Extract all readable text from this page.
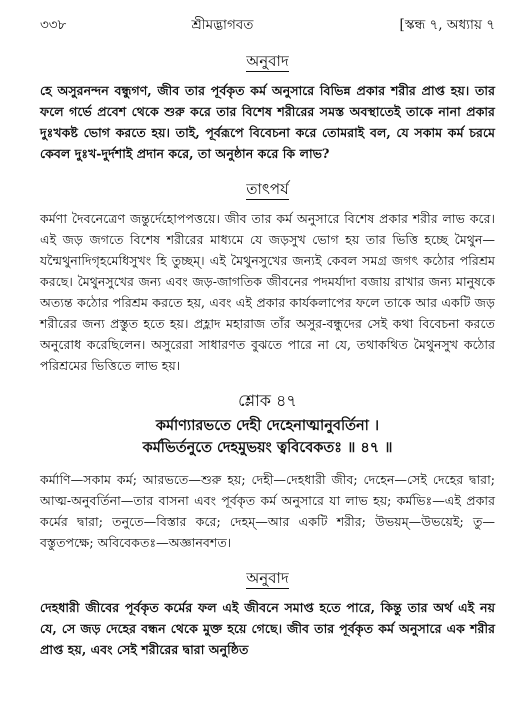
৩৩৮	শ্রীমদ্ভাগবত	[স্কন্ধ ৭, অধ্যায় ৭
অনুবাদ

হে অসুরনন্দন বন্ধুগণ, জীব তার পূর্বকৃত কর্ম অনুসারে বিভিন্ন প্রকার শরীর প্রাপ্ত হয়। তার ফলে গর্ভে প্রবেশ থেকে শুরু করে তার বিশেষ শরীরের সমস্ত অবস্থাতেই তাকে নানা প্রকার দুঃখকষ্ট ভোগ করতে হয়। তাই, পূর্বরূপে বিবেচনা করে তোমরাই বল, যে সকাম কর্ম চরমে কেবল দুঃখ-দুর্দশাই প্রদান করে, তা অনুষ্ঠান করে কি লাভ?

তাৎপর্য

কর্মণা দৈবনেত্রেণ জন্তুর্দেহোপপত্তয়ে। জীব তার কর্ম অনুসারে বিশেষ প্রকার শরীর লাভ করে। এই জড় জগতে বিশেষ শরীরের মাধ্যমে যে জড়সুখ ভোগ হয় তার ভিত্তি হচ্ছে মৈথুন—যন্মৈথুনাদিগৃহমেধিসুখং হি তুচ্ছম্। এই মৈথুনসুখের জন্যই কেবল সমগ্র জগৎ কঠোর পরিশ্রম করছে। মৈথুনসুখের জন্য এবং জড়-জাগতিক জীবনের পদমর্যাদা বজায় রাখার জন্য মানুষকে অত্যন্ত কঠোর পরিশ্রম করতে হয়, এবং এই প্রকার কার্যকলাপের ফলে তাকে আর একটি জড় শরীরের জন্য প্রস্তুত হতে হয়। প্রহ্লাদ মহারাজ তাঁর অসুর-বন্ধুদের সেই কথা বিবেচনা করতে অনুরোধ করেছিলেন। অসুরেরা সাধারণত বুঝতে পারে না যে, তথাকথিত মৈথুনসুখ কঠোর পরিশ্রমের ভিত্তিতে লাভ হয়।

শ্লোক ৪৭
কর্মাণ্যারভতে দেহী দেহেনাত্মানুবর্তিনা ।
কর্মভির্তনুতে দেহমুভয়ং ত্ববিবেকতঃ ॥ ৪৭ ॥

কর্মাণি—সকাম কর্ম; আরভতে—শুরু হয়; দেহী—দেহধারী জীব; দেহেন—সেই দেহের দ্বারা; আত্ম-অনুবর্তিনা—তার বাসনা এবং পূর্বকৃত কর্ম অনুসারে যা লাভ হয়; কর্মভিঃ—এই প্রকার কর্মের দ্বারা; তনুতে—বিস্তার করে; দেহম্—আর একটি শরীর; উভয়ম্—উভয়েই; তু—বস্তুতপক্ষে; অবিবেকতঃ—অজ্ঞানবশত।

অনুবাদ

দেহধারী জীবের পূর্বকৃত কর্মের ফল এই জীবনে সমাপ্ত হতে পারে, কিন্তু তার অর্থ এই নয় যে, সে জড় দেহের বন্ধন থেকে মুক্ত হয়ে গেছে। জীব তার পূর্বকৃত কর্ম অনুসারে এক শরীর প্রাপ্ত হয়, এবং সেই শরীরের দ্বারা অনুষ্ঠিত
